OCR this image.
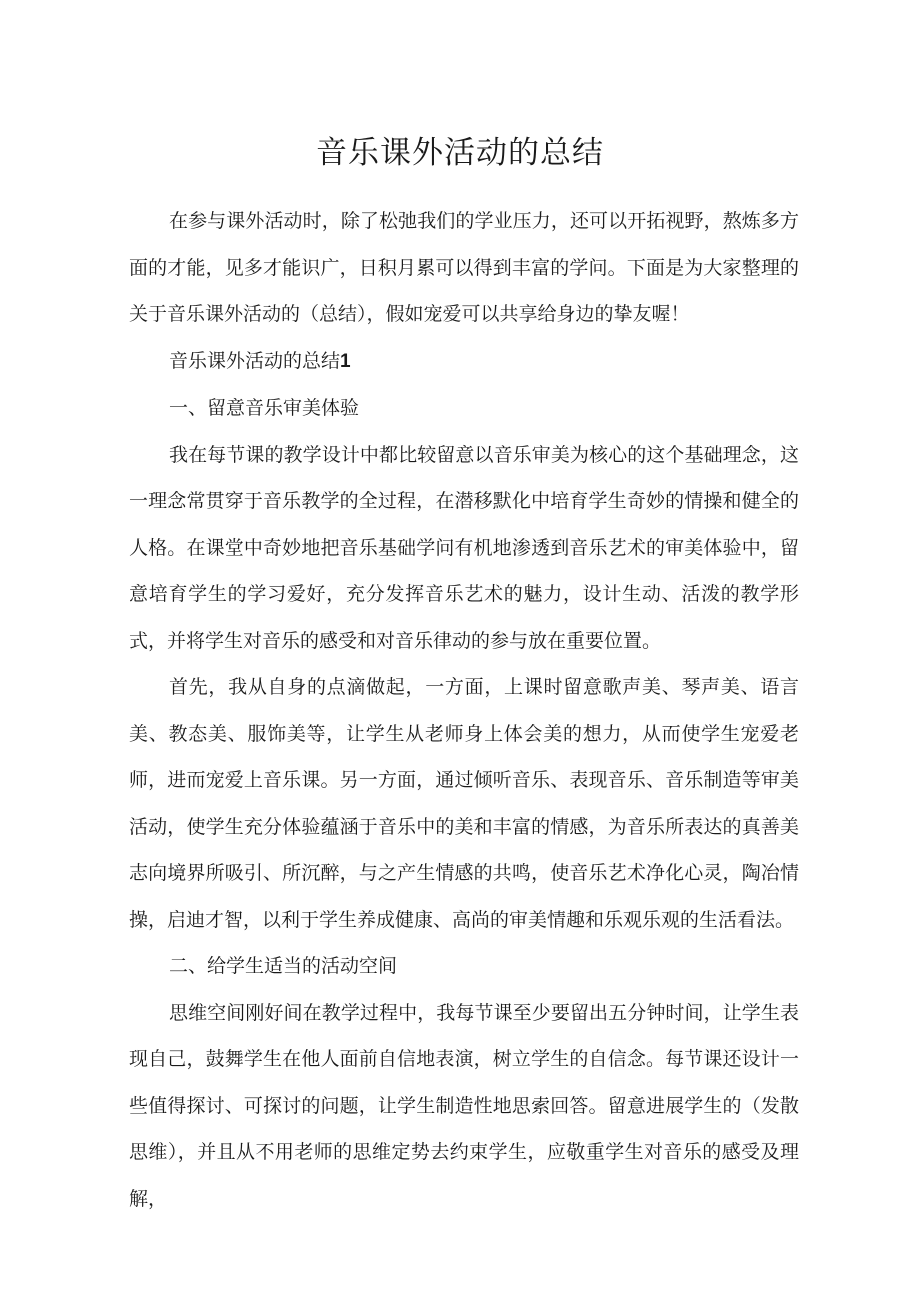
音乐课外活动的总结

在参与课外活动时，除了松弛我们的学业压力，还可以开拓视野，熬炼多方面的才能，见多才能识广，日积月累可以得到丰富的学问。下面是为大家整理的关于音乐课外活动的（总结），假如宠爱可以共享给身边的挚友喔！

音乐课外活动的总结1

一、留意音乐审美体验

我在每节课的教学设计中都比较留意以音乐审美为核心的这个基础理念，这一理念常贯穿于音乐教学的全过程，在潜移默化中培育学生奇妙的情操和健全的人格。在课堂中奇妙地把音乐基础学问有机地渗透到音乐艺术的审美体验中，留意培育学生的学习爱好，充分发挥音乐艺术的魅力，设计生动、活泼的教学形式，并将学生对音乐的感受和对音乐律动的参与放在重要位置。

首先，我从自身的点滴做起，一方面，上课时留意歌声美、琴声美、语言美、教态美、服饰美等，让学生从老师身上体会美的想力，从而使学生宠爱老师，进而宠爱上音乐课。另一方面，通过倾听音乐、表现音乐、音乐制造等审美活动，使学生充分体验蕴涵于音乐中的美和丰富的情感，为音乐所表达的真善美志向境界所吸引、所沉醉，与之产生情感的共鸣，使音乐艺术净化心灵，陶冶情操，启迪才智，以利于学生养成健康、高尚的审美情趣和乐观乐观的生活看法。

二、给学生适当的活动空间

思维空间刚好间在教学过程中，我每节课至少要留出五分钟时间，让学生表现自己，鼓舞学生在他人面前自信地表演，树立学生的自信念。每节课还设计一些值得探讨、可探讨的问题，让学生制造性地思索回答。留意进展学生的（发散思维），并且从不用老师的思维定势去约束学生，应敬重学生对音乐的感受及理解，
